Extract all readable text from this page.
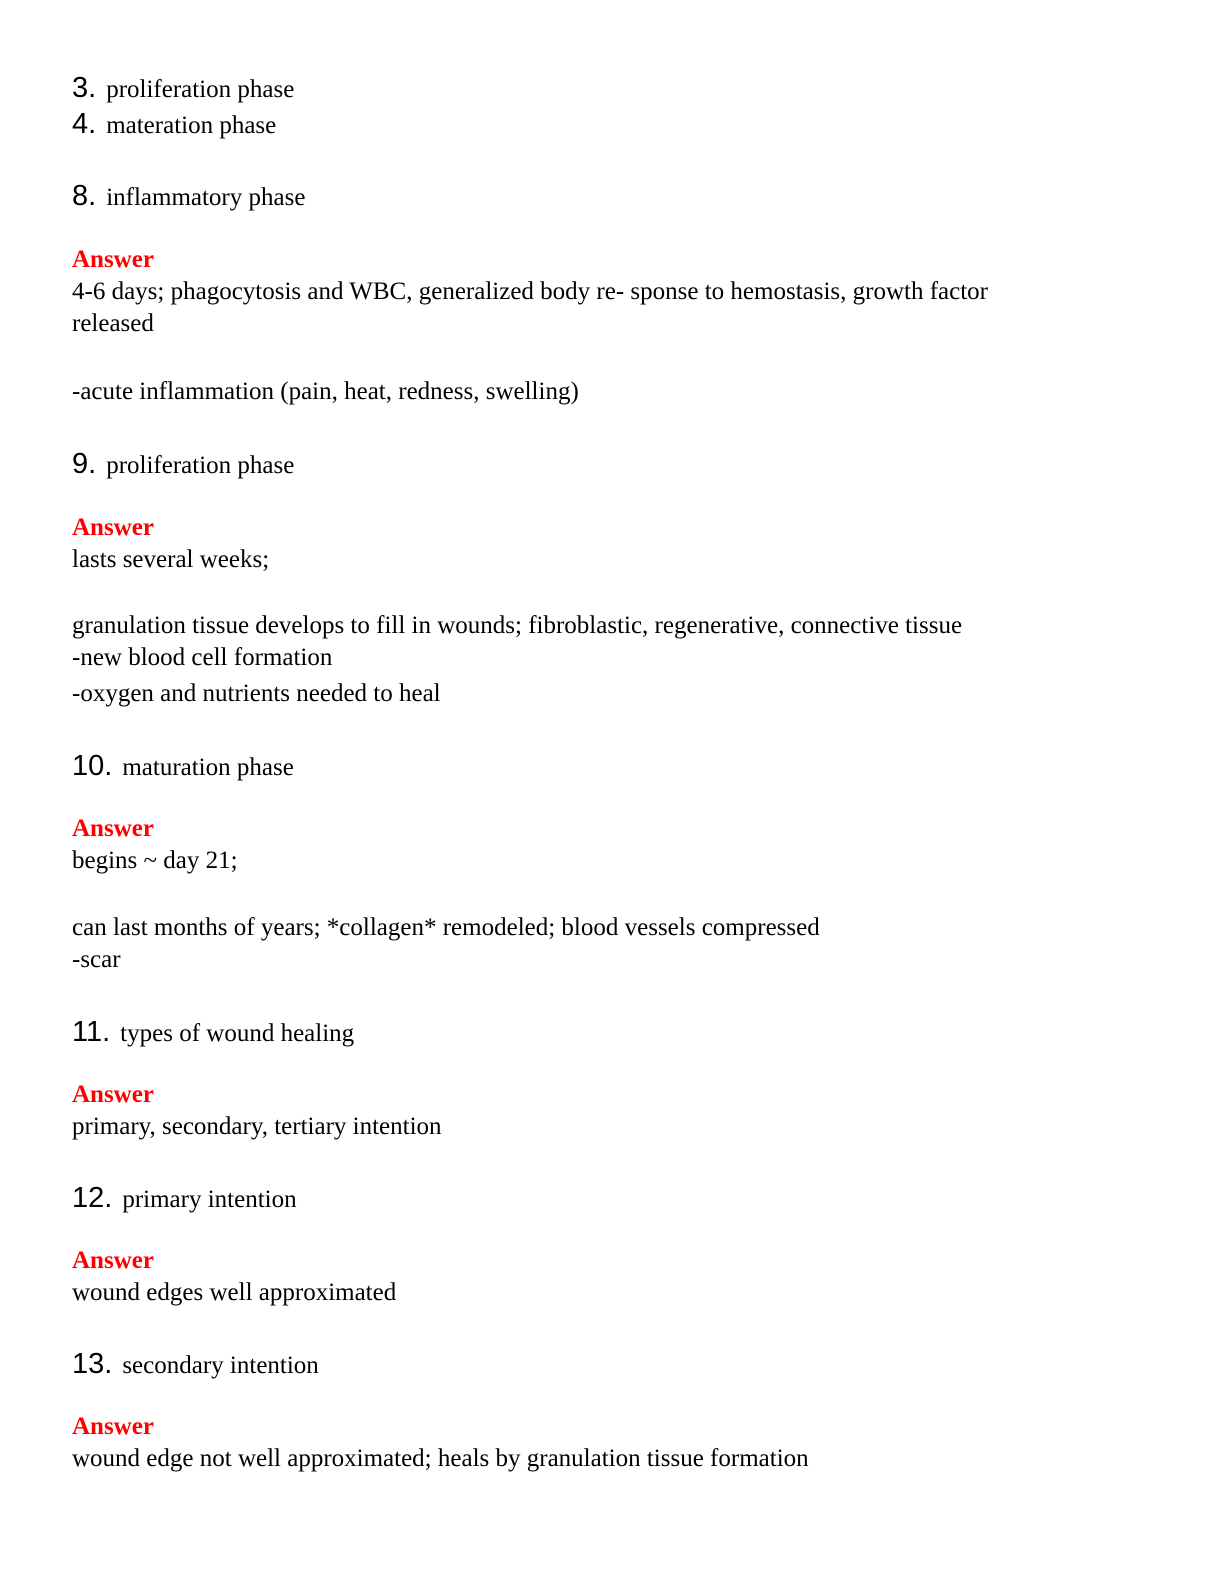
3. proliferation phase
4. materation phase
8. inflammatory phase
Answer
4-6 days; phagocytosis and WBC, generalized body re- sponse to hemostasis, growth factor
released
-acute inflammation (pain, heat, redness, swelling)
9. proliferation phase
Answer
lasts several weeks;
granulation tissue develops to fill in wounds; fibroblastic, regenerative, connective tissue
-new blood cell formation
-oxygen and nutrients needed to heal
10. maturation phase
Answer
begins ~ day 21;
can last months of years; *collagen* remodeled; blood vessels compressed
-scar
11. types of wound healing
Answer
primary, secondary, tertiary intention
12. primary intention
Answer
wound edges well approximated
13. secondary intention
Answer
wound edge not well approximated; heals by granulation tissue formation
